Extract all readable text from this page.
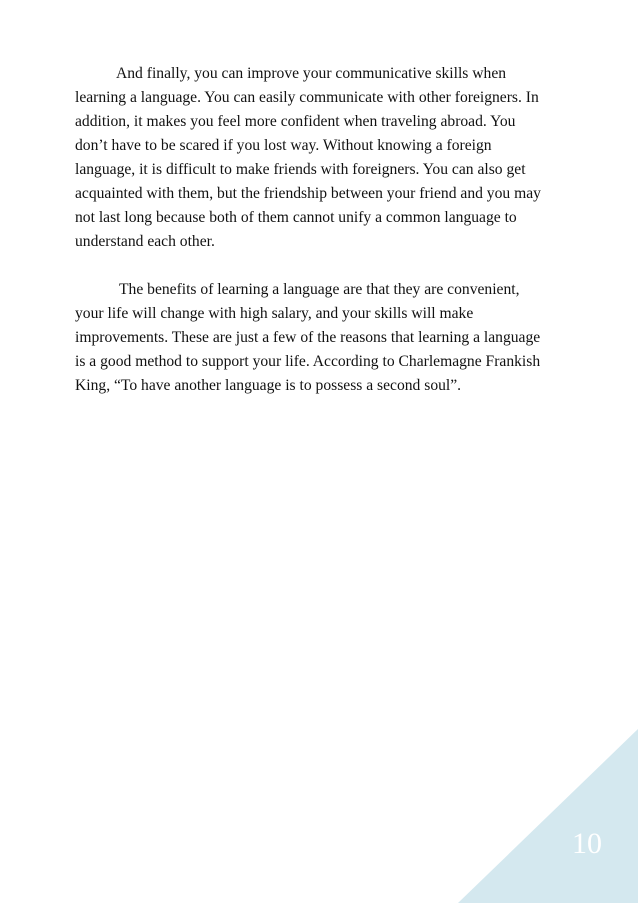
And finally, you can improve your communicative skills when
learning a language. You can easily communicate with other foreigners. In
addition, it makes you feel more confident when traveling abroad. You
don’t have to be scared if you lost way. Without knowing a foreign
language, it is difficult to make friends with foreigners. You can also get
acquainted with them, but the friendship between your friend and you may
not last long because both of them cannot unify a common language to
understand each other.
The benefits of learning a language are that they are convenient,
your life will change with high salary, and your skills will make
improvements. These are just a few of the reasons that learning a language
is a good method to support your life. According to Charlemagne Frankish
King, “To have another language is to possess a second soul”.
10
